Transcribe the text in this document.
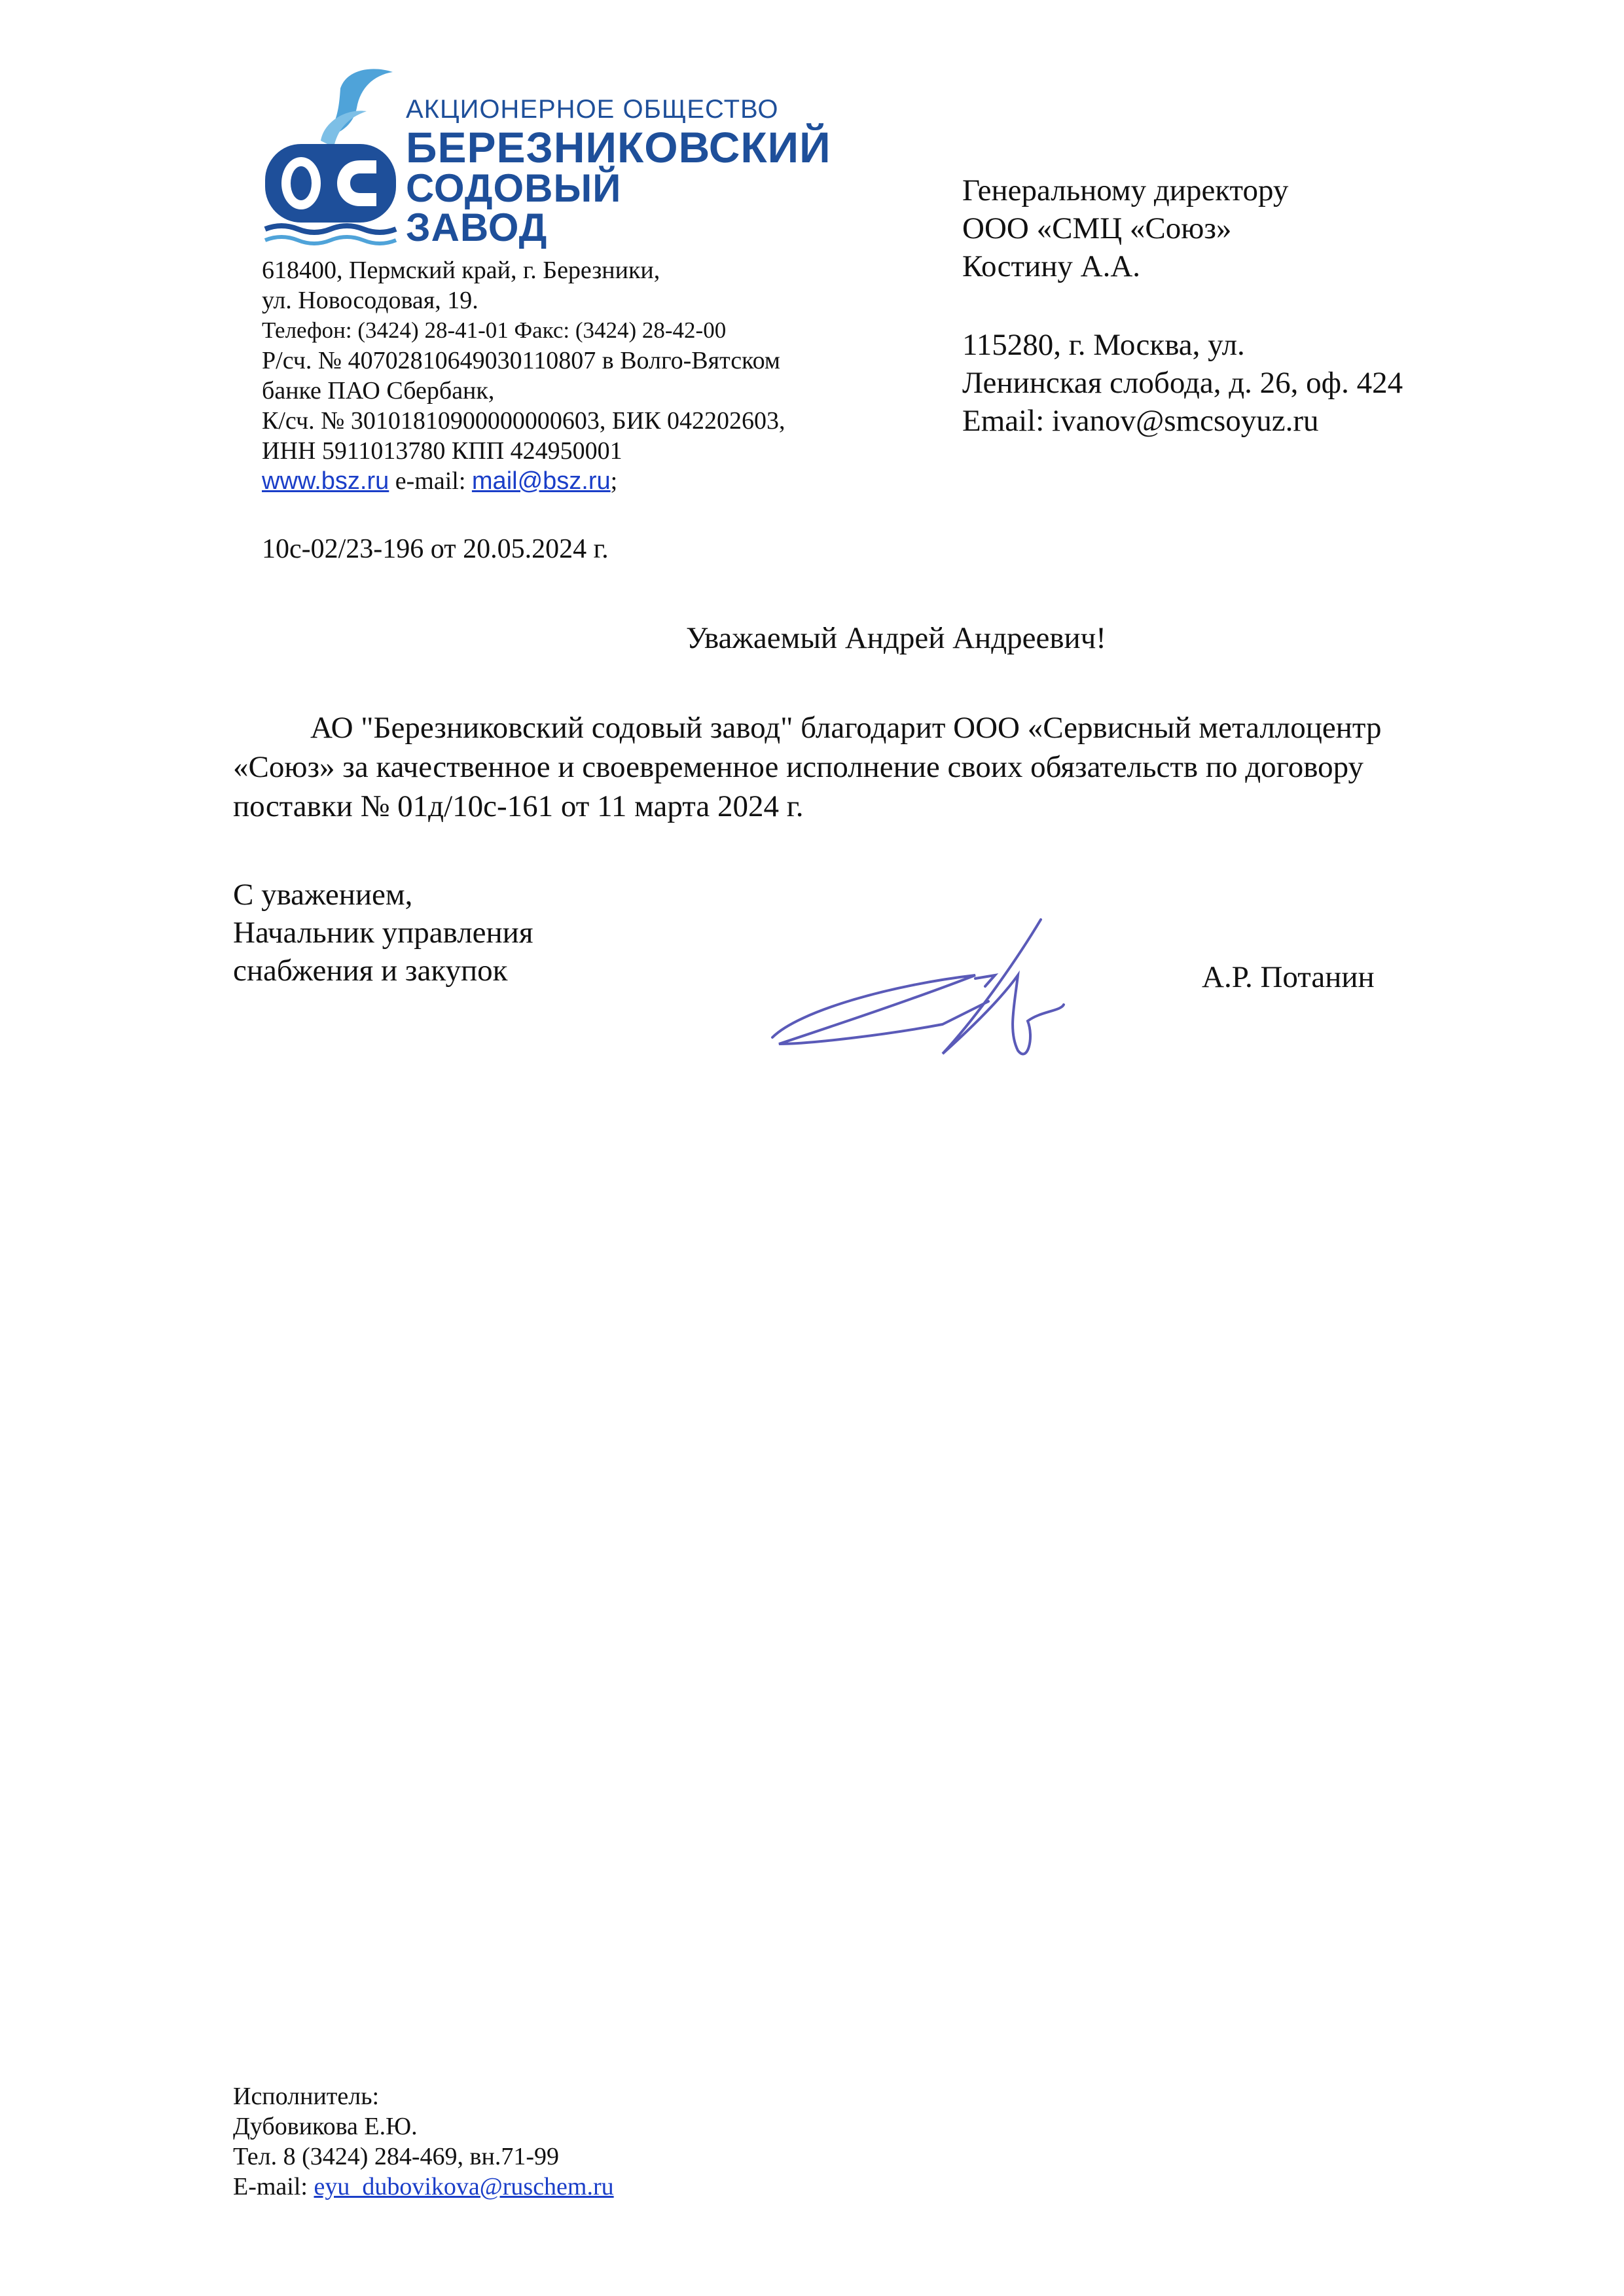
АКЦИОНЕРНОЕ ОБЩЕСТВО
БЕРЕЗНИКОВСКИЙ
СОДОВЫЙ
ЗАВОД
618400, Пермский край, г. Березники,
ул. Новосодовая, 19.
Телефон: (3424) 28-41-01 Факс: (3424) 28-42-00
Р/сч. № 40702810649030110807 в Волго-Вятском
банке ПАО Сбербанк,
К/сч. № 30101810900000000603, БИК 042202603,
ИНН 5911013780 КПП 424950001
www.bsz.ru e-mail: mail@bsz.ru;
10с-02/23-196 от 20.05.2024 г.
Генеральному директору
ООО «СМЦ «Союз»
Костину А.А.
115280, г. Москва, ул.
Ленинская слобода, д. 26, оф. 424
Email: ivanov@smcsoyuz.ru
Уважаемый Андрей Андреевич!
АО "Березниковский содовый завод" благодарит ООО «Сервисный металлоцентр
«Союз» за качественное и своевременное исполнение своих обязательств по договору
поставки № 01д/10с-161 от 11 марта 2024 г.
С уважением,
Начальник управления
снабжения и закупок	А.Р. Потанин
Исполнитель:
Дубовикова Е.Ю.
Тел. 8 (3424) 284-469, вн.71-99
E-mail: eyu_dubovikova@ruschem.ru
